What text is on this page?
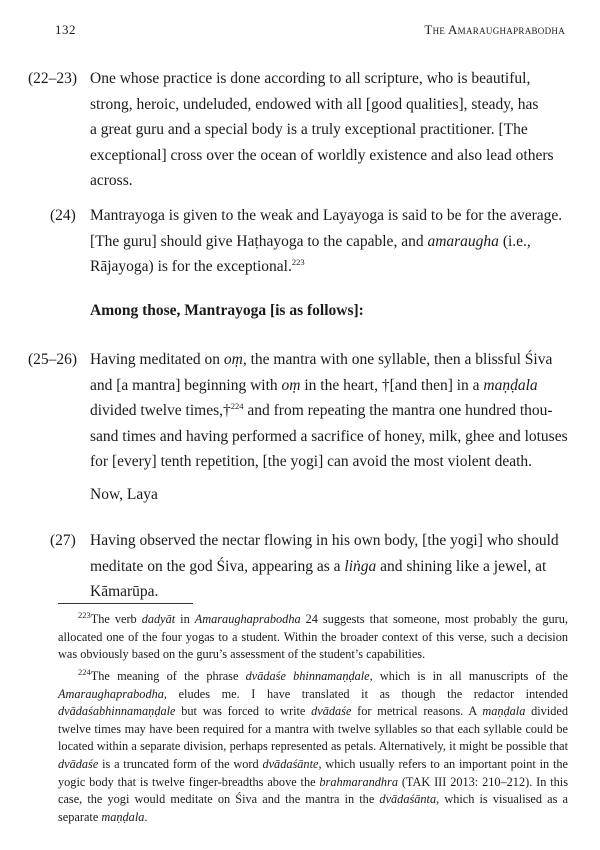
132	The Amaraughaprabodha
(22–23) One whose practice is done according to all scripture, who is beautiful,
strong, heroic, undeluded, endowed with all [good qualities], steady, has
a great guru and a special body is a truly exceptional practitioner. [The
exceptional] cross over the ocean of worldly existence and also lead others
across.
(24) Mantrayoga is given to the weak and Layayoga is said to be for the average.
[The guru] should give Haṭhayoga to the capable, and amaraugha (i.e.,
Rājayoga) is for the exceptional.$^{223}$
Among those, Mantrayoga [is as follows]:
(25–26) Having meditated on oṃ, the mantra with one syllable, then a blissful Śiva
and [a mantra] beginning with oṃ in the heart, †[and then] in a maṇḍala
divided twelve times,†$^{224}$ and from repeating the mantra one hundred thou-
sand times and having performed a sacrifice of honey, milk, ghee and lotuses
for [every] tenth repetition, [the yogi] can avoid the most violent death.
Now, Laya
(27) Having observed the nectar flowing in his own body, [the yogi] who should
meditate on the god Śiva, appearing as a liṅga and shining like a jewel, at
Kāmarūpa.
$^{223}$The verb dadyāt in Amaraughaprabodha 24 suggests that someone, most probably the guru, allocated one of the four yogas to a student. Within the broader context of this verse, such a decision was obviously based on the guru’s assessment of the student’s capabilities.
$^{224}$The meaning of the phrase dvādaśe bhinnamaṇḍale, which is in all manuscripts of the Amaraughaprabodha, eludes me. I have translated it as though the redactor intended dvādaśabhinnamaṇḍale but was forced to write dvādaśe for metrical reasons. A maṇḍala divided twelve times may have been required for a mantra with twelve syllables so that each syllable could be located within a separate division, perhaps represented as petals. Alternatively, it might be possible that dvādaśe is a truncated form of the word dvādaśānte, which usually refers to an important point in the yogic body that is twelve finger-breadths above the brahmarandhra (TAK III 2013: 210–212). In this case, the yogi would meditate on Śiva and the mantra in the dvādaśānta, which is visualised as a separate maṇḍala.
